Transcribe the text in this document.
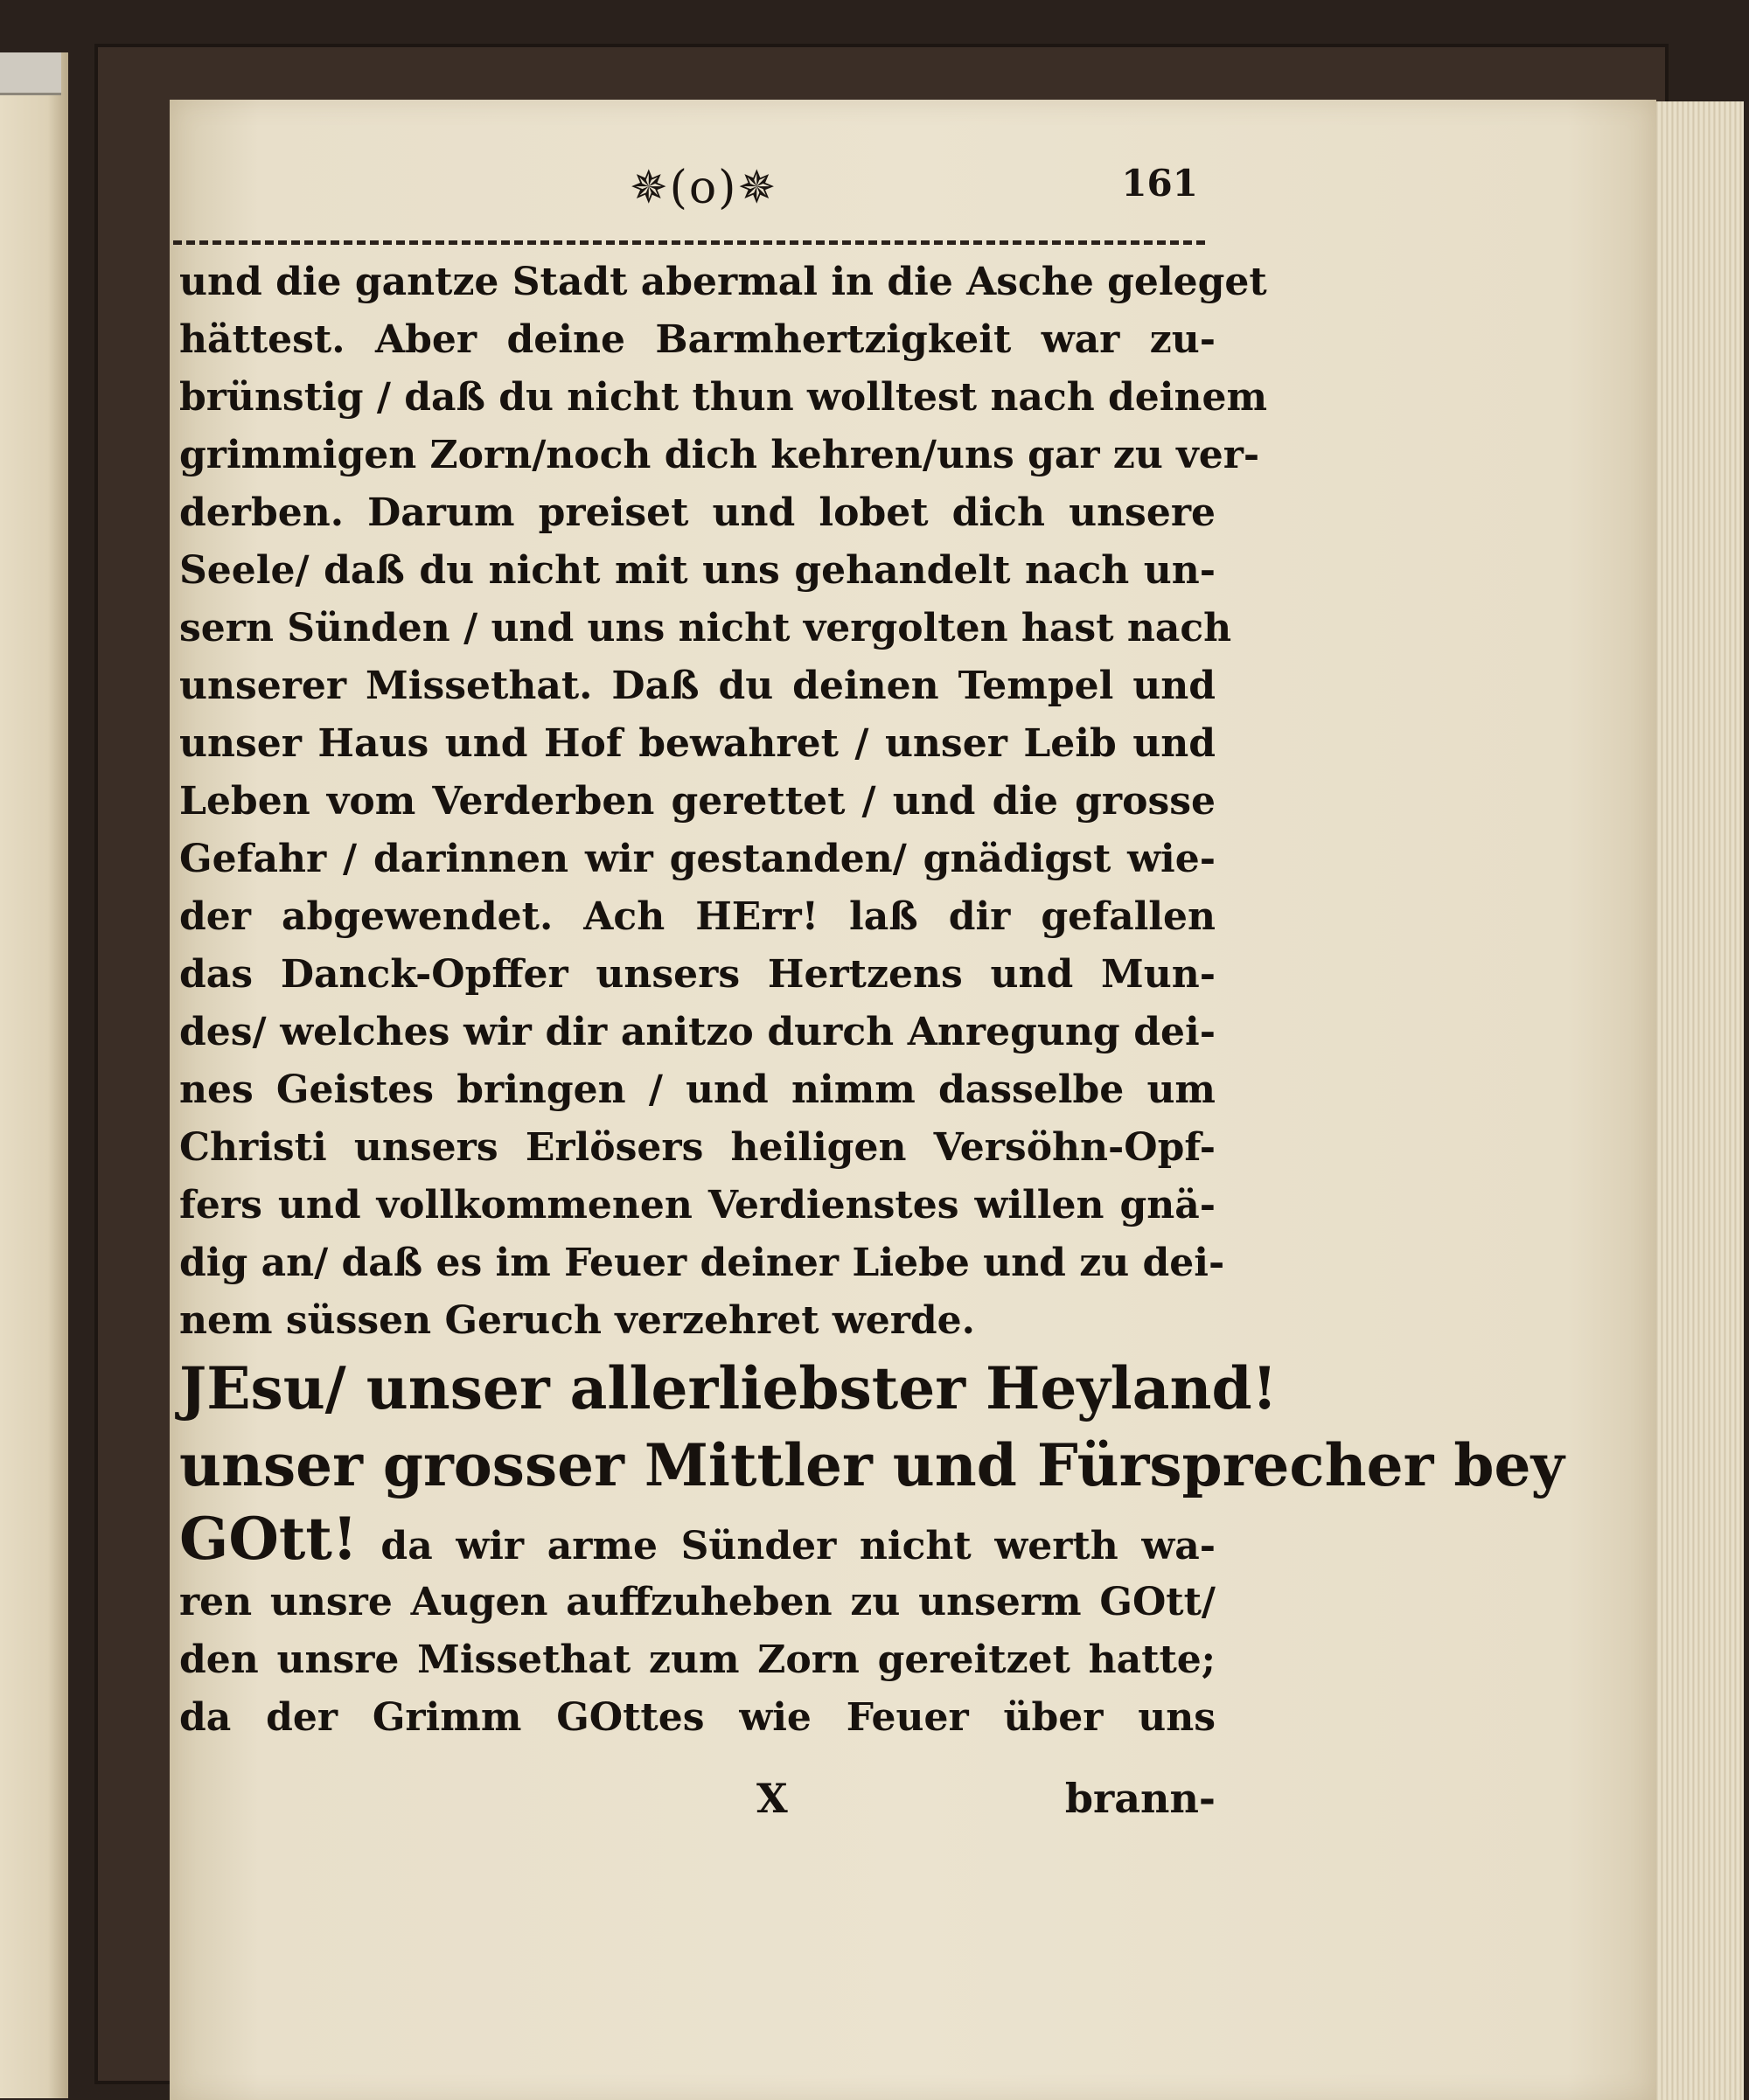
✵(o)✵	161
und die gantze Stadt abermal in die Asche geleget
hättest. Aber deine Barmhertzigkeit war zu-
brünstig / daß du nicht thun wolltest nach deinem
grimmigen Zorn/noch dich kehren/uns gar zu ver-
derben. Darum preiset und lobet dich unsere
Seele/ daß du nicht mit uns gehandelt nach un-
sern Sünden / und uns nicht vergolten hast nach
unserer Missethat. Daß du deinen Tempel und
unser Haus und Hof bewahret / unser Leib und
Leben vom Verderben gerettet / und die grosse
Gefahr / darinnen wir gestanden/ gnädigst wie-
der abgewendet. Ach HErr! laß dir gefallen
das Danck-Opffer unsers Hertzens und Mun-
des/ welches wir dir anitzo durch Anregung dei-
nes Geistes bringen / und nimm dasselbe um
Christi unsers Erlösers heiligen Versöhn-Opf-
fers und vollkommenen Verdienstes willen gnä-
dig an/ daß es im Feuer deiner Liebe und zu dei-
nem süssen Geruch verzehret werde.
JEsu/ unser allerliebster Heyland!
unser grosser Mittler und Fürsprecher bey
GOtt! da wir arme Sünder nicht werth wa-
ren unsre Augen auffzuheben zu unserm GOtt/
den unsre Missethat zum Zorn gereitzet hatte;
da der Grimm GOttes wie Feuer über uns
X	brann-
